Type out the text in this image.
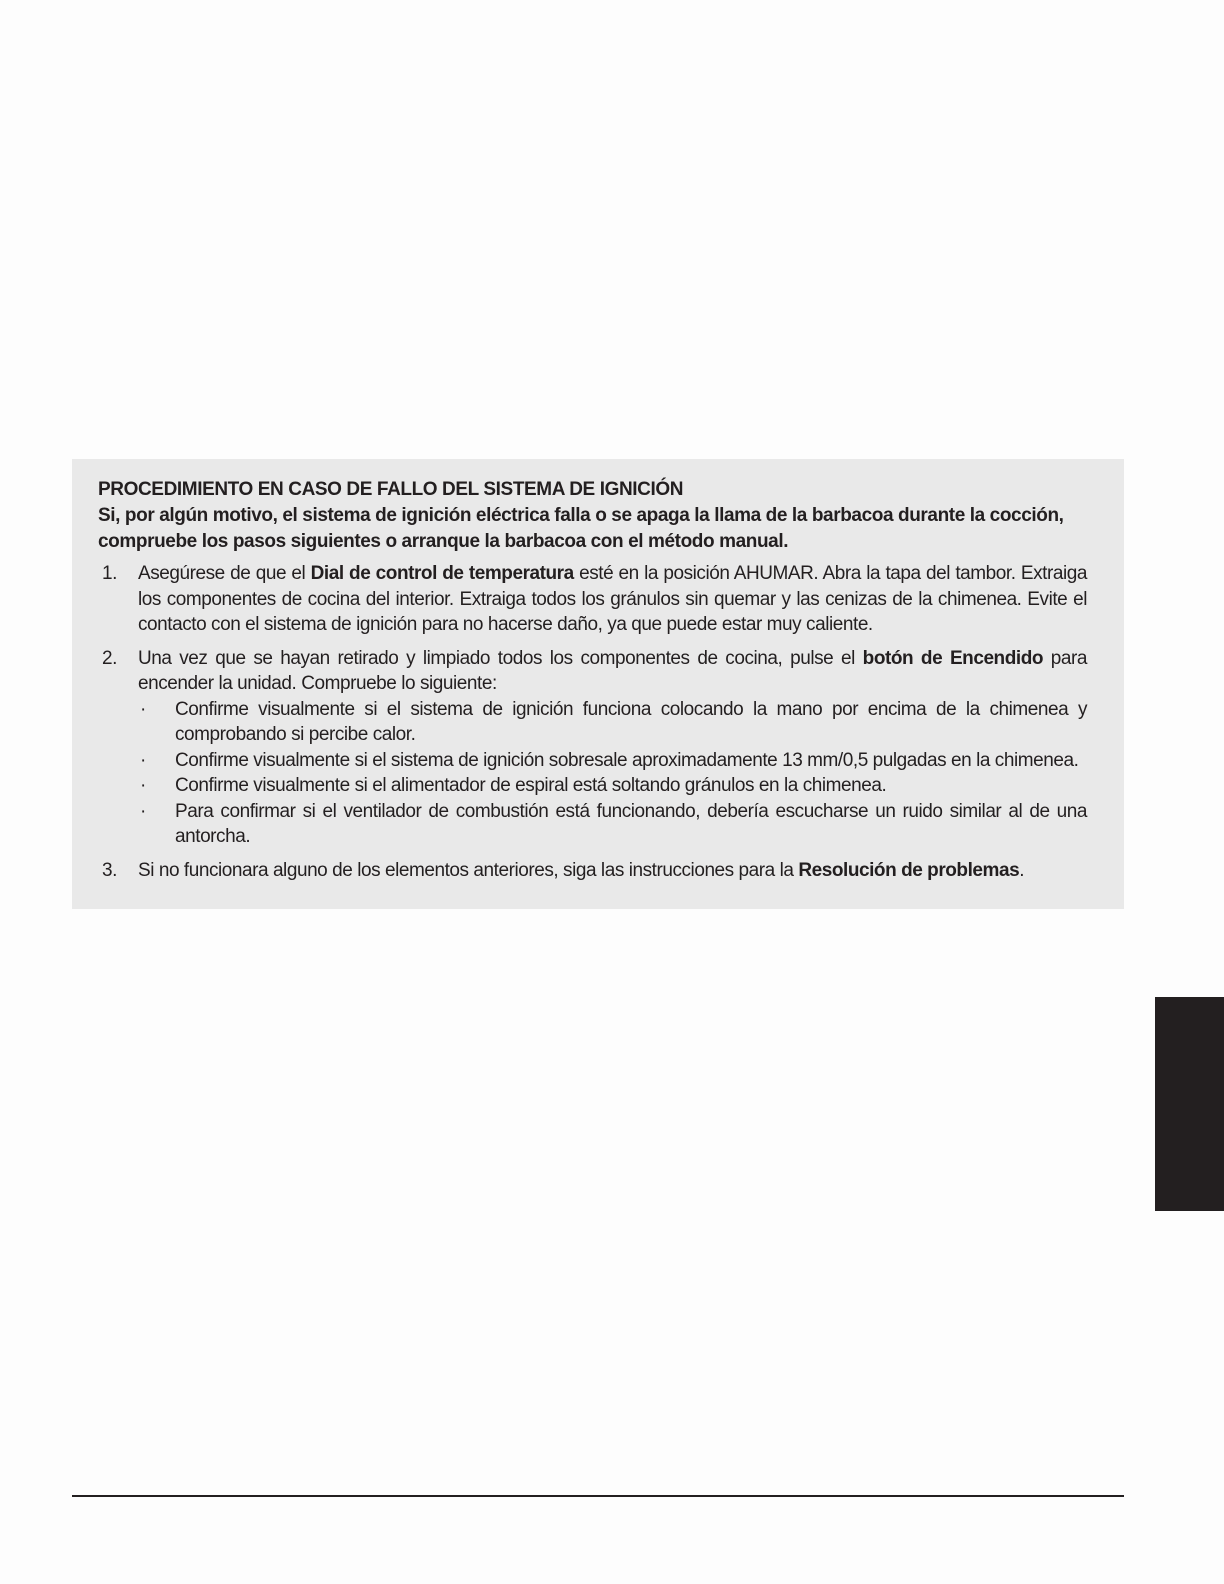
PROCEDIMIENTO EN CASO DE FALLO DEL SISTEMA DE IGNICIÓN

Si, por algún motivo, el sistema de ignición eléctrica falla o se apaga la llama de la barbacoa durante la cocción, compruebe los pasos siguientes o arranque la barbacoa con el método manual.

1. Asegúrese de que el Dial de control de temperatura esté en la posición AHUMAR. Abra la tapa del tambor. Extraiga los componentes de cocina del interior. Extraiga todos los gránulos sin quemar y las cenizas de la chimenea. Evite el contacto con el sistema de ignición para no hacerse daño, ya que puede estar muy caliente.
2. Una vez que se hayan retirado y limpiado todos los componentes de cocina, pulse el botón de Encendido para encender la unidad. Compruebe lo siguiente:
· Confirme visualmente si el sistema de ignición funciona colocando la mano por encima de la chimenea y comprobando si percibe calor.
· Confirme visualmente si el sistema de ignición sobresale aproximadamente 13 mm/0,5 pulgadas en la chimenea.
· Confirme visualmente si el alimentador de espiral está soltando gránulos en la chimenea.
· Para confirmar si el ventilador de combustión está funcionando, debería escucharse un ruido similar al de una antorcha.
3. Si no funcionara alguno de los elementos anteriores, siga las instrucciones para la Resolución de problemas.
